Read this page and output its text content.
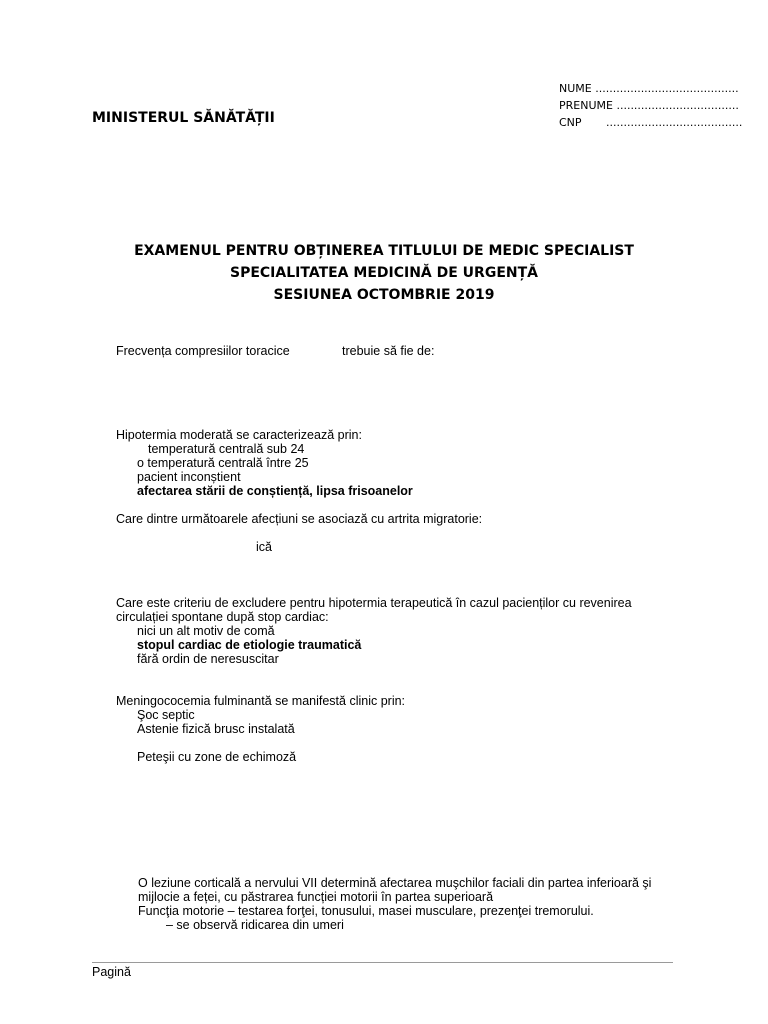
MINISTERUL SĂNĂTĂȚII
NUME
.........................................
PRENUME
...................................
CNP	.......................................
EXAMENUL PENTRU OBȚINEREA TITLULUI DE MEDIC SPECIALIST
SPECIALITATEA MEDICINĂ DE URGENȚĂ
SESIUNEA OCTOMBRIE 2019
Frecvența compresiilor toracice	trebuie să fie de:
Hipotermia moderată se caracterizează prin:
temperatură centrală sub 24
o temperatură centrală între 25
pacient inconștient
afectarea stării de conștiență, lipsa frisoanelor
Care dintre următoarele afecțiuni se asociază cu artrita migratorie:
ică
Care este criteriu de excludere pentru hipotermia terapeutică în cazul pacienților cu revenirea
circulației spontane după stop cardiac:
nici un alt motiv de comă
stopul cardiac de etiologie traumatică
fără ordin de neresuscitar
Meningococemia fulminantă se manifestă clinic prin:
Şoc septic
Astenie fizică brusc instalată
Peteşii cu zone de echimoză
O leziune corticală a nervului VII determină afectarea muşchilor faciali din partea inferioară şi
mijlocie a feței, cu păstrarea funcției motorii în partea superioară
Funcţia motorie – testarea forţei, tonusului, masei musculare, prezenţei tremorului.
– se observă ridicarea din umeri
Pagină
